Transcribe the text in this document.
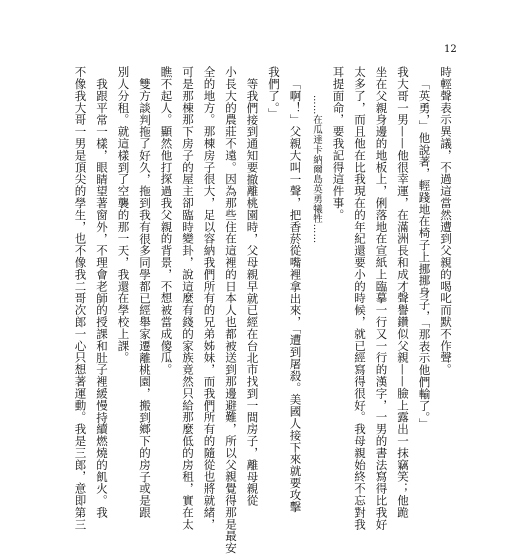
12
時輕聲表示異議，不過這當然遭到父親的喝叱而默不作聲。
「英勇，」他說著，輕踐地在椅子上挪挪身子，「那表示他們輸了。」
我大哥一男——他很幸運，在滿洲長和成才聲譽鑽似父親——臉上露出一抹竊笑；他跪
坐在父親身邊的地板上，俐落地在宣紙上臨摹一行又一行的漢字，一男的書法寫得比我好
太多了，而且他在比我現在的年紀還要小的時候，就已經寫得很好。我母親始終不忘對我
耳提面命，要我記得這件事。
……在瓜達卡納爾島英勇犧牲……
「啊！」父親大叫一聲，把香菸從嘴裡拿出來，「遭到屠殺。美國人接下來就要攻擊
我們了。」
等我們接到通知要撤離桃園時，父母親早就已經在台北市找到一間房子，離母親從
小長大的農莊不遠。因為那些住在這裡的日本人也都被送到那邊避難，所以父親覺得那是最安
全的地方。那棟房子很大，足以容納我們所有的兄弟姊妹，而我們所有的隨從也將就緒，
可是那棟那下房子的屋主卻臨時變卦，說這麼有錢的家族竟然只給那麼低的房租，實在太
瞧不起人。顯然他打探過我父親的背景，不想被當成傻瓜。
雙方談判拖了好久，拖到我有很多同學都已經舉家遷離桃園，搬到鄉下的房子或是跟
別人分租。就這樣到了空襲的那一天，我還在學校上課。
我跟平常一樣，眼睛望著窗外，不理會老師的授課和肚子裡緩慢持續燃燒的飢火。我
不像我大哥一男是頂尖的學生，也不像我二哥次郎一心只想著運動。我是三郎，意即第三
